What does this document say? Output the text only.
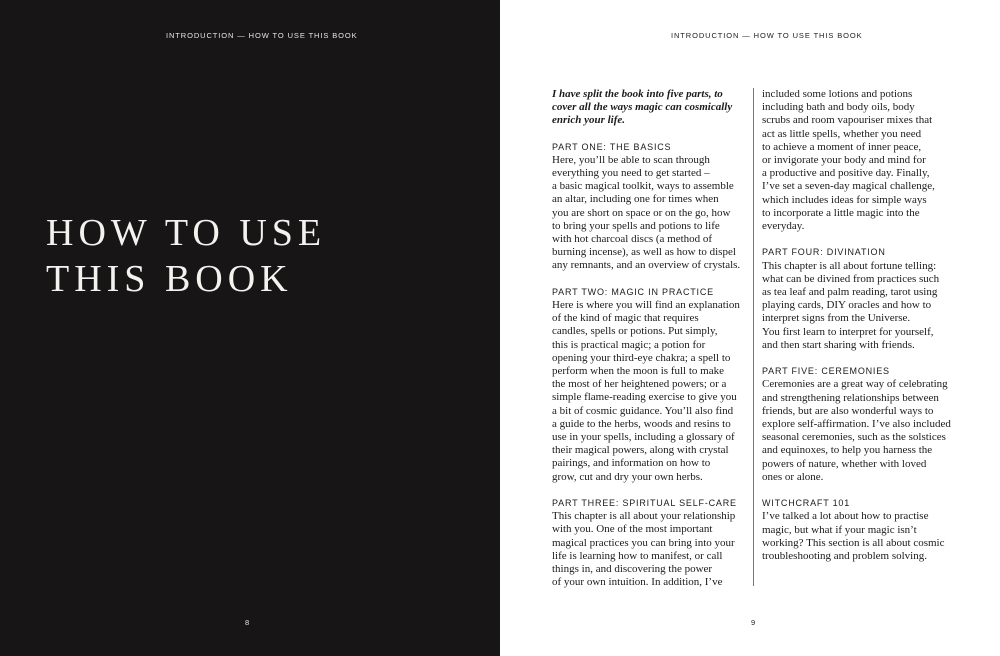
INTRODUCTION — HOW TO USE THIS BOOK
HOW TO USE
THIS BOOK
8
INTRODUCTION — HOW TO USE THIS BOOK

I have split the book into five parts, to
cover all the ways magic can cosmically
enrich your life.

PART ONE: THE BASICS
Here, you’ll be able to scan through
everything you need to get started –
a basic magical toolkit, ways to assemble
an altar, including one for times when
you are short on space or on the go, how
to bring your spells and potions to life
with hot charcoal discs (a method of
burning incense), as well as how to dispel
any remnants, and an overview of crystals.
PART TWO: MAGIC IN PRACTICE
Here is where you will find an explanation
of the kind of magic that requires
candles, spells or potions. Put simply,
this is practical magic; a potion for
opening your third-eye chakra; a spell to
perform when the moon is full to make
the most of her heightened powers; or a
simple flame-reading exercise to give you
a bit of cosmic guidance. You’ll also find
a guide to the herbs, woods and resins to
use in your spells, including a glossary of
their magical powers, along with crystal
pairings, and information on how to
grow, cut and dry your own herbs.
PART THREE: SPIRITUAL SELF-CARE
This chapter is all about your relationship
with you. One of the most important
magical practices you can bring into your
life is learning how to manifest, or call
things in, and discovering the power
of your own intuition. In addition, I’ve
included some lotions and potions
including bath and body oils, body
scrubs and room vapouriser mixes that
act as little spells, whether you need
to achieve a moment of inner peace,
or invigorate your body and mind for
a productive and positive day. Finally,
I’ve set a seven-day magical challenge,
which includes ideas for simple ways
to incorporate a little magic into the
everyday.
PART FOUR: DIVINATION
This chapter is all about fortune telling:
what can be divined from practices such
as tea leaf and palm reading, tarot using
playing cards, DIY oracles and how to
interpret signs from the Universe.
You first learn to interpret for yourself,
and then start sharing with friends.
PART FIVE: CEREMONIES
Ceremonies are a great way of celebrating
and strengthening relationships between
friends, but are also wonderful ways to
explore self-affirmation. I’ve also included
seasonal ceremonies, such as the solstices
and equinoxes, to help you harness the
powers of nature, whether with loved
ones or alone.
WITCHCRAFT 101
I’ve talked a lot about how to practise
magic, but what if your magic isn’t
working? This section is all about cosmic
troubleshooting and problem solving.
9
